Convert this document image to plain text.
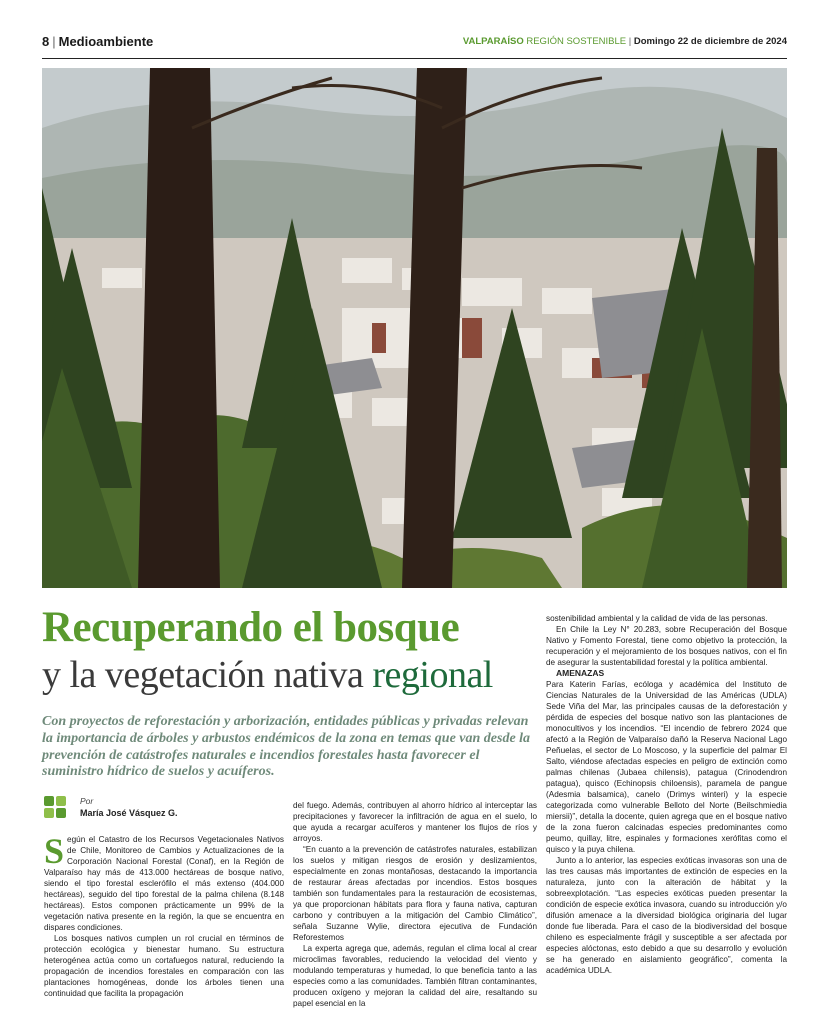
8 | Medioambiente	VALPARAÍSO REGIÓN SOSTENIBLE | Domingo 22 de diciembre de 2024
Recuperando el bosque
y la vegetación nativa regional
Con proyectos de reforestación y arborización, entidades públicas y privadas relevan la importancia de árboles y arbustos endémicos de la zona en temas que van desde la prevención de catástrofes naturales e incendios forestales hasta favorecer el suministro hídrico de suelos y acuíferos.
Por
María José Vásquez G.

Según el Catastro de los Recursos Vegetacionales Nativos de Chile, Monitoreo de Cambios y Actualizaciones de la Corporación Nacional Forestal (Conaf), en la Región de Valparaíso hay más de 413.000 hectáreas de bosque nativo, siendo el tipo forestal esclerófilo el más extenso (404.000 hectáreas), seguido del tipo forestal de la palma chilena (8.148 hectáreas). Estos componen prácticamente un 99% de la vegetación nativa presente en la región, la que se encuentra en dispares condiciones.

Los bosques nativos cumplen un rol crucial en términos de protección ecológica y bienestar humano. Su estructura heterogénea actúa como un cortafuegos natural, reduciendo la propagación de incendios forestales en comparación con las plantaciones homogéneas, donde los árboles tienen una continuidad que facilita la propagación

del fuego. Además, contribuyen al ahorro hídrico al interceptar las precipitaciones y favorecer la infiltración de agua en el suelo, lo que ayuda a recargar acuíferos y mantener los flujos de ríos y arroyos.

“En cuanto a la prevención de catástrofes naturales, estabilizan los suelos y mitigan riesgos de erosión y deslizamientos, especialmente en zonas montañosas, destacando la importancia de restaurar áreas afectadas por incendios. Estos bosques también son fundamentales para la restauración de ecosistemas, ya que proporcionan hábitats para flora y fauna nativa, capturan carbono y contribuyen a la mitigación del Cambio Climático”, señala Suzanne Wylie, directora ejecutiva de Fundación Reforestemos

La experta agrega que, además, regulan el clima local al crear microclimas favorables, reduciendo la velocidad del viento y modulando temperaturas y humedad, lo que beneficia tanto a las especies como a las comunidades. También filtran contaminantes, producen oxígeno y mejoran la calidad del aire, resaltando su papel esencial en la

sostenibilidad ambiental y la calidad de vida de las personas.

En Chile la Ley N° 20.283, sobre Recuperación del Bosque Nativo y Fomento Forestal, tiene como objetivo la protección, la recuperación y el mejoramiento de los bosques nativos, con el fin de asegurar la sustentabilidad forestal y la política ambiental.

AMENAZAS

Para Katerin Farías, ecóloga y académica del Instituto de Ciencias Naturales de la Universidad de las Américas (UDLA) Sede Viña del Mar, las principales causas de la deforestación y pérdida de especies del bosque nativo son las plantaciones de monocultivos y los incendios. “El incendio de febrero 2024 que afectó a la Región de Valparaíso dañó la Reserva Nacional Lago Peñuelas, el sector de Lo Moscoso, y la superficie del palmar El Salto, viéndose afectadas especies en peligro de extinción como palmas chilenas (Jubaea chilensis), pataguа (Crinodendron patagua), quisco (Echinopsis chiloensis), paramela de pangue (Adesmia balsamica), canelo (Drimys winteri) y la especie categorizada como vulnerable Belloto del Norte (Beilschmiedia miersii)”, detalla la docente, quien agrega que en el bosque nativo de la zona fueron calcinadas especies predominantes como peumo, quillay, litre, espinales y formaciones xerófitas como el quisco y la puya chilena.

Junto a lo anterior, las especies exóticas invasoras son una de las tres causas más importantes de extinción de especies en la naturaleza, junto con la alteración de hábitat y la sobreexplotación. “Las especies exóticas pueden presentar la condición de especie exótica invasora, cuando su introducción y/o difusión amenace a la diversidad biológica originaria del lugar donde fue liberada. Para el caso de la biodiversidad del bosque chileno es especialmente frágil y susceptible a ser afectada por especies alóctonas, esto debido a que su desarrollo y evolución se ha generado en aislamiento geográfico”, comenta la académica UDLA.
